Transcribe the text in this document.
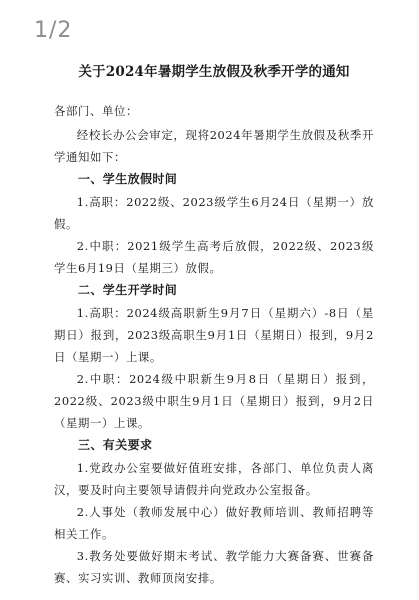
1/2

关于2024年暑期学生放假及秋季开学的通知

各部门、单位：

经校长办公会审定，现将2024年暑期学生放假及秋季开学通知如下：

一、学生放假时间

1.高职：2022级、2023级学生6月24日（星期一）放假。

2.中职：2021级学生高考后放假，2022级、2023级学生6月19日（星期三）放假。

二、学生开学时间

1.高职：2024级高职新生9月7日（星期六）-8日（星期日）报到，2023级高职生9月1日（星期日）报到，9月2日（星期一）上课。

2.中职：2024级中职新生9月8日（星期日）报到，2022级、2023级中职生9月1日（星期日）报到，9月2日（星期一）上课。

三、有关要求

1.党政办公室要做好值班安排，各部门、单位负责人离汉，要及时向主要领导请假并向党政办公室报备。

2.人事处（教师发展中心）做好教师培训、教师招聘等相关工作。

3.教务处要做好期末考试、教学能力大赛备赛、世赛备赛、实习实训、教师顶岗安排。
